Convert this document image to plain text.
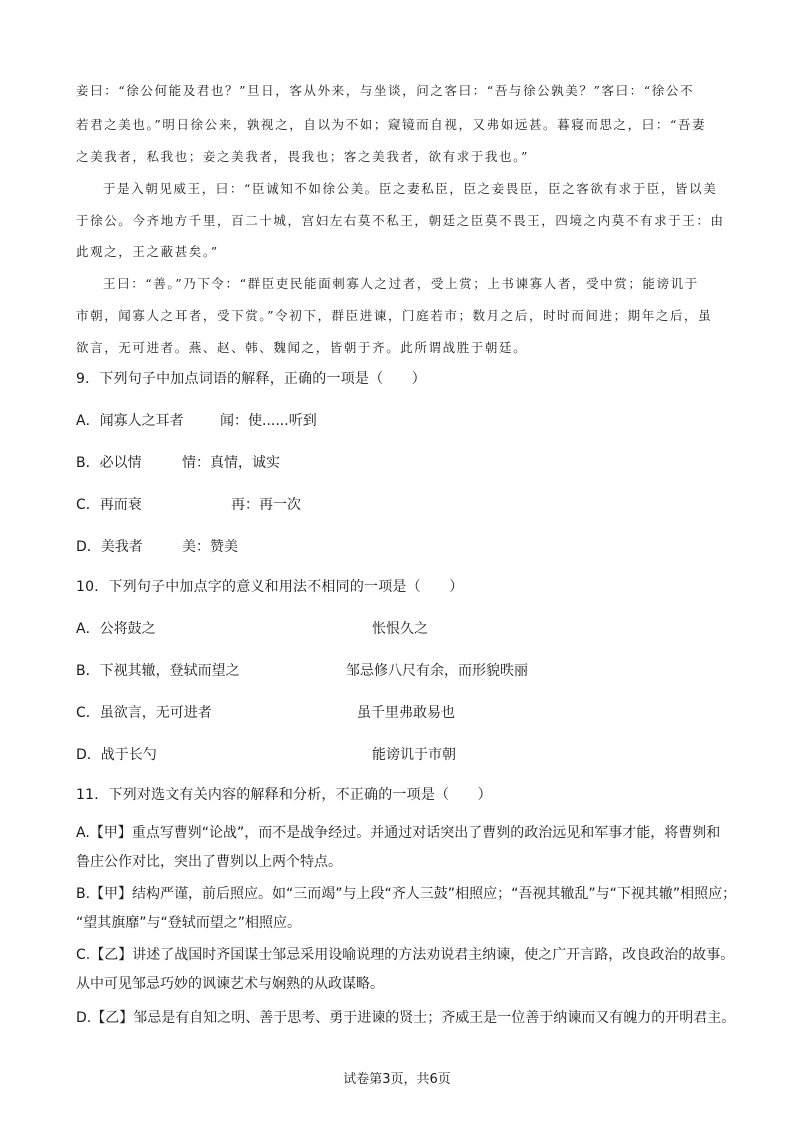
妾曰：“徐公何能及君也？”旦日，客从外来，与坐谈，问之客曰：“吾与徐公孰美？”客曰：“徐公不
若君之美也。”明日徐公来，孰视之，自以为不如；窥镜而自视，又弗如远甚。暮寝而思之，曰：“吾妻
之美我者，私我也；妾之美我者，畏我也；客之美我者，欲有求于我也。”
于是入朝见威王，曰：“臣诚知不如徐公美。臣之妻私臣，臣之妾畏臣，臣之客欲有求于臣，皆以美
于徐公。今齐地方千里，百二十城，宫妇左右莫不私王，朝廷之臣莫不畏王，四境之内莫不有求于王：由
此观之，王之蔽甚矣。”
王曰：“善。”乃下令：“群臣吏民能面刺寡人之过者，受上赏；上书谏寡人者，受中赏；能谤讥于
市朝，闻寡人之耳者，受下赏。”令初下，群臣进谏，门庭若市；数月之后，时时而间进；期年之后，虽
欲言，无可进者。燕、赵、韩、魏闻之，皆朝于齐。此所谓战胜于朝廷。
9．下列句子中加点词语的解释，正确的一项是（　　）
A．闻寡人之耳者	闻：使......听到
B．必以情	情：真情，诚实
C．再而衰	再：再一次
D．美我者	美：赞美
10．下列句子中加点字的意义和用法不相同的一项是（　　）
A．公将鼓之	怅恨久之
B．下视其辙，登轼而望之	邹忌修八尺有余，而形貌昳丽
C．虽欲言，无可进者	虽千里弗敢易也
D．战于长勺	能谤讥于市朝
11．下列对选文有关内容的解释和分析，不正确的一项是（　　）
A.【甲】重点写曹刿“论战”，而不是战争经过。并通过对话突出了曹刿的政治远见和军事才能，将曹刿和
鲁庄公作对比，突出了曹刿以上两个特点。
B.【甲】结构严谨，前后照应。如“三而竭”与上段“齐人三鼓”相照应；“吾视其辙乱”与“下视其辙”相照应；
“望其旗靡”与“登轼而望之”相照应。
C.【乙】讲述了战国时齐国谋士邹忌采用设喻说理的方法劝说君主纳谏，使之广开言路，改良政治的故事。
从中可见邹忌巧妙的讽谏艺术与娴熟的从政谋略。
D.【乙】邹忌是有自知之明、善于思考、勇于进谏的贤士；齐威王是一位善于纳谏而又有魄力的开明君主。
试卷第3页，共6页
